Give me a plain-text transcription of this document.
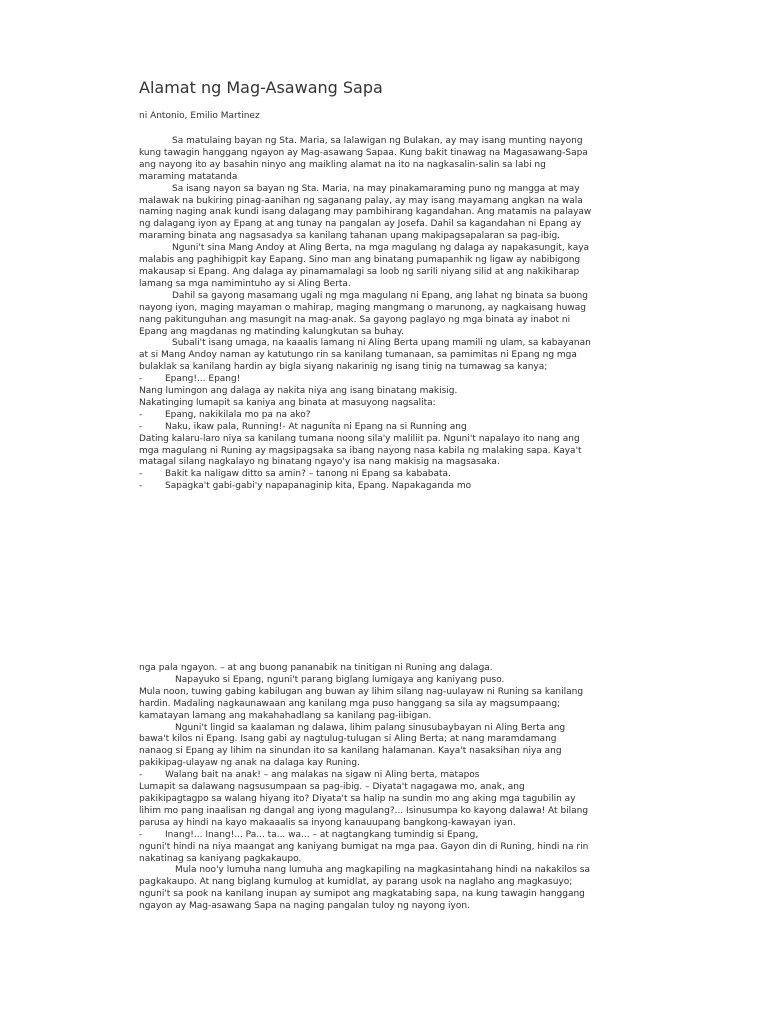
Alamat ng Mag-Asawang Sapa
ni Antonio, Emilio Martinez

Sa matulaing bayan ng Sta. Maria, sa lalawigan ng Bulakan, ay may isang munting nayong

kung tawagin hanggang ngayon ay Mag-asawang Sapaa. Kung bakit tinawag na Magasawang-Sapa

ang nayong ito ay basahin ninyo ang maikling alamat na ito na nagkasalin-salin sa labi ng

maraming matatanda

Sa isang nayon sa bayan ng Sta. Maria, na may pinakamaraming puno ng mangga at may

malawak na bukiring pinag-aanihan ng saganang palay, ay may isang mayamang angkan na wala

naming naging anak kundi isang dalagang may pambihirang kagandahan. Ang matamis na palayaw

ng dalagang iyon ay Epang at ang tunay na pangalan ay Josefa. Dahil sa kagandahan ni Epang ay

maraming binata ang nagsasadya sa kanilang tahanan upang makipagsapalaran sa pag-ibig.

Nguni't sina Mang Andoy at Aling Berta, na mga magulang ng dalaga ay napakasungit, kaya

malabis ang paghihigpit kay Eapang. Sino man ang binatang pumapanhik ng ligaw ay nabibigong

makausap si Epang. Ang dalaga ay pinamamalagi sa loob ng sarili niyang silid at ang nakikiharap

lamang sa mga namimintuho ay si Aling Berta.

Dahil sa gayong masamang ugali ng mga magulang ni Epang, ang lahat ng binata sa buong

nayong iyon, maging mayaman o mahirap, maging mangmang o marunong, ay nagkaisang huwag

nang pakitunguhan ang masungit na mag-anak. Sa gayong paglayo ng mga binata ay inabot ni

Epang ang magdanas ng matinding kalungkutan sa buhay.

Subali't isang umaga, na kaaalis lamang ni Aling Berta upang mamili ng ulam, sa kabayanan

at si Mang Andoy naman ay katutungo rin sa kanilang tumanaan, sa pamimitas ni Epang ng mga

bulaklak sa kanilang hardin ay bigla siyang nakarinig ng isang tinig na tumawag sa kanya;

-	Epang!... Epang!

Nang lumingon ang dalaga ay nakita niya ang isang binatang makisig.

Nakatinging lumapit sa kaniya ang binata at masuyong nagsalita:

-	Epang, nakikilala mo pa na ako?

-	Naku, ikaw pala, Running!- At nagunita ni Epang na si Running ang

Dating kalaru-laro niya sa kanilang tumana noong sila'y maliliit pa. Nguni't napalayo ito nang ang

mga magulang ni Runing ay magsipagsaka sa ibang nayong nasa kabila ng malaking sapa. Kaya't

matagal silang nagkalayo ng binatang ngayo'y isa nang makisig na magsasaka.

-	Bakit ka naligaw ditto sa amin? – tanong ni Epang sa kababata.

-	Sapagka't gabi-gabi'y napapanaginip kita, Epang. Napakaganda mo

nga pala ngayon. – at ang buong pananabik na tinitigan ni Runing ang dalaga.

Napayuko si Epang, nguni't parang biglang lumigaya ang kaniyang puso.

Mula noon, tuwing gabing kabilugan ang buwan ay lihim silang nag-uulayaw ni Runing sa kanilang

hardin. Madaling nagkaunawaan ang kanilang mga puso hanggang sa sila ay magsumpaang;

kamatayan lamang ang makahahadlang sa kanilang pag-iibigan.

Nguni't lingid sa kaalaman ng dalawa, lihim palang sinusubaybayan ni Aling Berta ang

bawa't kilos ni Epang. Isang gabi ay nagtulug-tulugan si Aling Berta; at nang maramdamang

nanaog si Epang ay lihim na sinundan ito sa kanilang halamanan. Kaya't nasaksihan niya ang

pakikipag-ulayaw ng anak na dalaga kay Runing.

-	Walang bait na anak! – ang malakas na sigaw ni Aling berta, matapos

Lumapit sa dalawang nagsusumpaan sa pag-ibig. – Diyata't nagagawa mo, anak, ang

pakikipagtagpo sa walang hiyang ito? Diyata't sa halip na sundin mo ang aking mga tagubilin ay

lihim mo pang inaalisan ng dangal ang iyong magulang?... Isinusumpa ko kayong dalawa! At bilang

parusa ay hindi na kayo makaaalis sa inyong kanauupang bangkong-kawayan iyan.

-	Inang!... Inang!... Pa... ta... wa... – at nagtangkang tumindig si Epang,

nguni't hindi na niya maangat ang kaniyang bumigat na mga paa. Gayon din di Runing, hindi na rin

nakatinag sa kaniyang pagkakaupo.

Mula noo'y lumuha nang lumuha ang magkapiling na magkasintahang hindi na nakakilos sa

pagkakaupo. At nang biglang kumulog at kumidlat, ay parang usok na naglaho ang magkasuyo;

nguni't sa pook na kanilang inupan ay sumipot ang magkatabing sapa, na kung tawagin hanggang

ngayon ay Mag-asawang Sapa na naging pangalan tuloy ng nayong iyon.
